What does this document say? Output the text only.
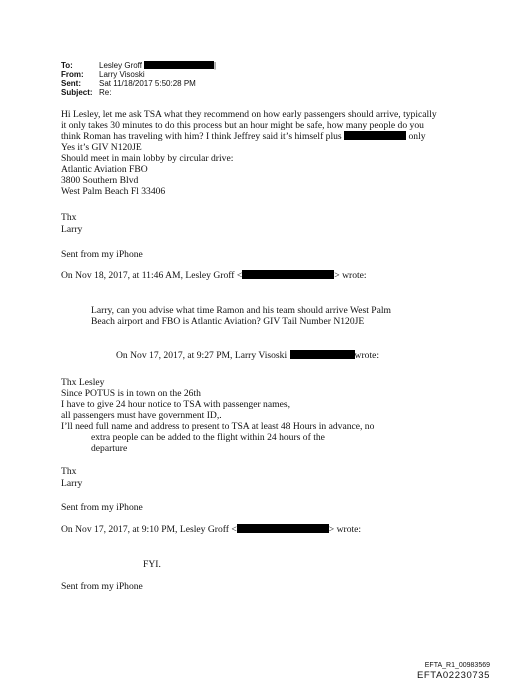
To:	Lesley Groff	|
From: Larry Visoski
Sent: Sat 11/18/2017 5:50:28 PM
Subject: Re:
Hi Lesley, let me ask TSA what they recommend on how early passengers should arrive, typically
it only takes 30 minutes to do this process but an hour might be safe, how many people do you
think Roman has traveling with him? I think Jeffrey said it’s himself plus	only
Yes it’s GIV N120JE
Should meet in main lobby by circular drive:
Atlantic Aviation FBO
3800 Southern Blvd
West Palm Beach Fl 33406
Thx
Larry
Sent from my iPhone
On Nov 18, 2017, at 11:46 AM, Lesley Groff <	> wrote:
Larry, can you advise what time Ramon and his team should arrive West Palm
Beach airport and FBO is Atlantic Aviation? GIV Tail Number N120JE
On Nov 17, 2017, at 9:27 PM, Larry Visoski	wrote:
Thx Lesley
Since POTUS is in town on the 26th
I have to give 24 hour notice to TSA with passenger names,
all passengers must have government ID,.
I’ll need full name and address to present to TSA at least 48 Hours in advance, no
extra people can be added to the flight within 24 hours of the
departure
Thx
Larry
Sent from my iPhone
On Nov 17, 2017, at 9:10 PM, Lesley Groff <	> wrote:
FYI.
Sent from my iPhone
EFTA_R1_00983569
EFTA02230735
